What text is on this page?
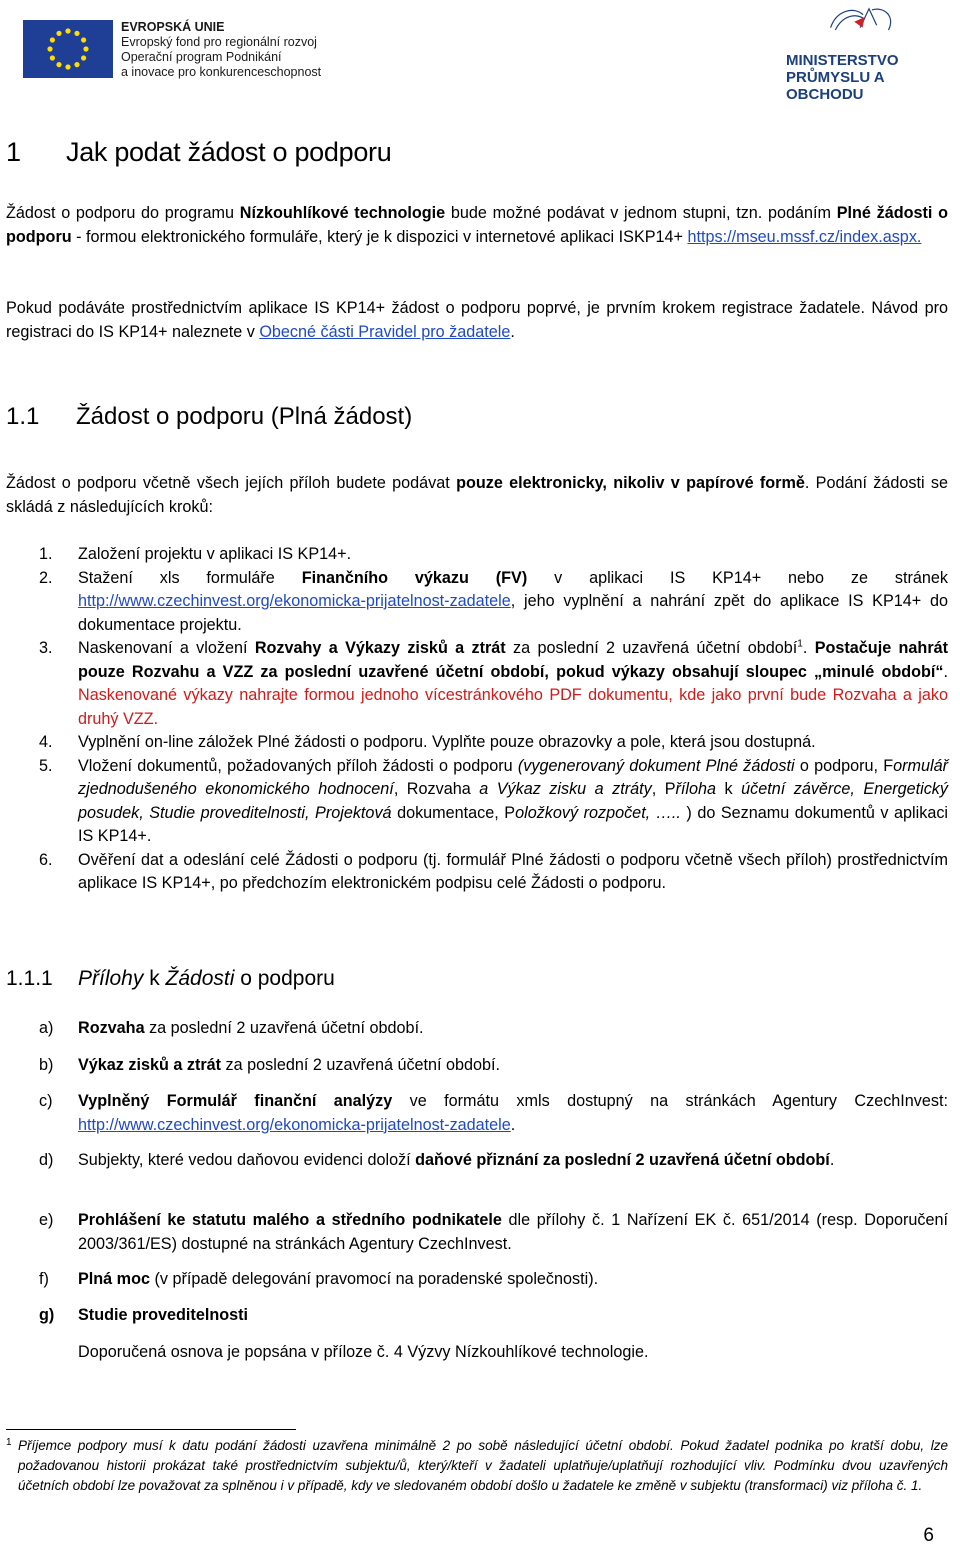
EVROPSKÁ UNIE
Evropský fond pro regionální rozvoj
Operační program Podnikání
a inovace pro konkurenceschopnost
MINISTERSTVO
PRŮMYSLU A OBCHODU
1 Jak podat žádost o podporu

Žádost o podporu do programu Nízkouhlíkové technologie bude možné podávat v jednom stupni, tzn. podáním Plné žádosti o podporu - formou elektronického formuláře, který je k dispozici v internetové aplikaci ISKP14+ https://mseu.mssf.cz/index.aspx.

Pokud podáváte prostřednictvím aplikace IS KP14+ žádost o podporu poprvé, je prvním krokem registrace žadatele. Návod pro registraci do IS KP14+ naleznete v Obecné části Pravidel pro žadatele.

1.1 Žádost o podporu (Plná žádost)

Žádost o podporu včetně všech jejích příloh budete podávat pouze elektronicky, nikoliv v papírové formě. Podání žádosti se skládá z následujících kroků:

1. Založení projektu v aplikaci IS KP14+.
2. Stažení xls formuláře Finančního výkazu (FV) v aplikaci IS KP14+ nebo ze stránek http://www.czechinvest.org/ekonomicka-prijatelnost-zadatele, jeho vyplnění a nahrání zpět do aplikace IS KP14+ do dokumentace projektu.
3. Naskenovaní a vložení Rozvahy a Výkazy zisků a ztrát za poslední 2 uzavřená účetní období$^1$. Postačuje nahrát pouze Rozvahu a VZZ za poslední uzavřené účetní období, pokud výkazy obsahují sloupec „minulé období“. Naskenované výkazy nahrajte formou jednoho vícestránkového PDF dokumentu, kde jako první bude Rozvaha a jako druhý VZZ.
4. Vyplnění on-line záložek Plné žádosti o podporu. Vyplňte pouze obrazovky a pole, která jsou dostupná.
5. Vložení dokumentů, požadovaných příloh žádosti o podporu (vygenerovaný dokument Plné žádosti o podporu, Formulář zjednodušeného ekonomického hodnocení, Rozvaha a Výkaz zisku a ztráty, Příloha k účetní závěrce, Energetický posudek, Studie proveditelnosti, Projektová dokumentace, Položkový rozpočet, ….. ) do Seznamu dokumentů v aplikaci IS KP14+.
6. Ověření dat a odeslání celé Žádosti o podporu (tj. formulář Plné žádosti o podporu včetně všech příloh) prostřednictvím aplikace IS KP14+, po předchozím elektronickém podpisu celé Žádosti o podporu.
1.1.1 Přílohy k Žádosti o podporu
a) Rozvaha za poslední 2 uzavřená účetní období.
b) Výkaz zisků a ztrát za poslední 2 uzavřená účetní období.
c) Vyplněný Formulář finanční analýzy ve formátu xmls dostupný na stránkách Agentury CzechInvest: http://www.czechinvest.org/ekonomicka-prijatelnost-zadatele.
d) Subjekty, které vedou daňovou evidenci doloží daňové přiznání za poslední 2 uzavřená účetní období.
e) Prohlášení ke statutu malého a středního podnikatele dle přílohy č. 1 Nařízení EK č. 651/2014 (resp. Doporučení 2003/361/ES) dostupné na stránkách Agentury CzechInvest.
f) Plná moc (v případě delegování pravomocí na poradenské společnosti).
g) Studie proveditelnosti
Doporučená osnova je popsána v příloze č. 4 Výzvy Nízkouhlíkové technologie.
1 Příjemce podpory musí k datu podání žádosti uzavřena minimálně 2 po sobě následující účetní období. Pokud žadatel podnika po kratší dobu, lze požadovanou historii prokázat také prostřednictvím subjektu/ů, který/kteří v žadateli uplatňuje/uplatňují rozhodující vliv. Podmínku dvou uzavřených účetních období lze považovat za splněnou i v případě, kdy ve sledovaném období došlo u žadatele ke změně v subjektu (transformaci) viz příloha č. 1.
6
